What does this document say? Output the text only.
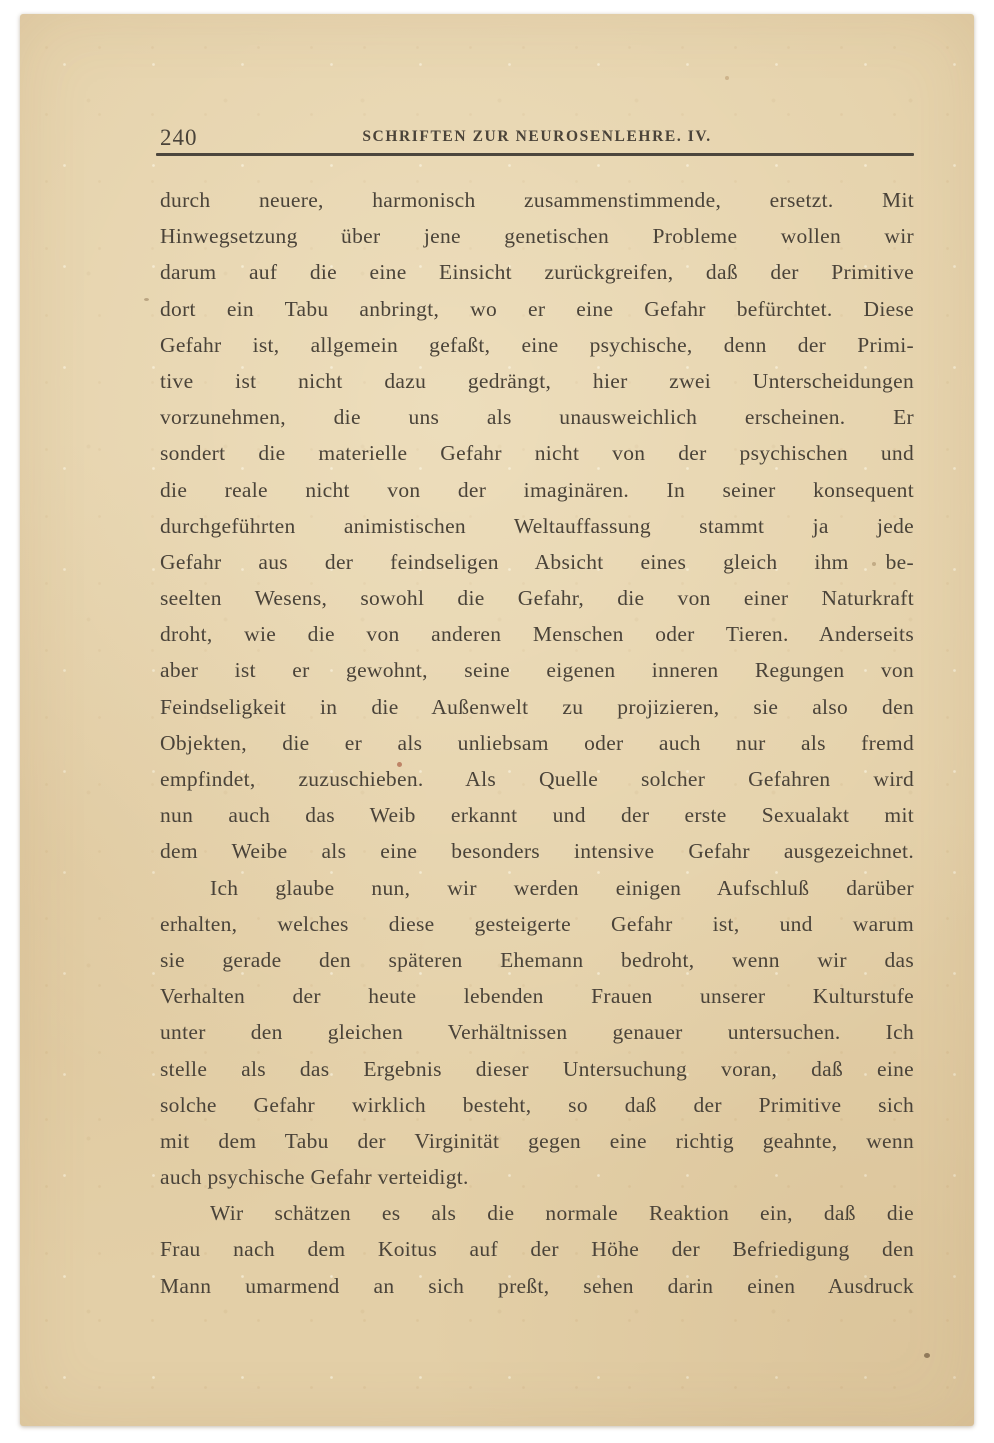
240	SCHRIFTEN ZUR NEUROSENLEHRE. IV.
durch neuere, harmonisch zusammenstimmende, ersetzt. Mit
Hinwegsetzung über jene genetischen Probleme wollen wir
darum auf die eine Einsicht zurückgreifen, daß der Primitive
dort ein Tabu anbringt, wo er eine Gefahr befürchtet. Diese
Gefahr ist, allgemein gefaßt, eine psychische, denn der Primi-
tive ist nicht dazu gedrängt, hier zwei Unterscheidungen
vorzunehmen, die uns als unausweichlich erscheinen. Er
sondert die materielle Gefahr nicht von der psychischen und
die reale nicht von der imaginären. In seiner konsequent
durchgeführten animistischen Weltauffassung stammt ja jede
Gefahr aus der feindseligen Absicht eines gleich ihm be-
seelten Wesens, sowohl die Gefahr, die von einer Naturkraft
droht, wie die von anderen Menschen oder Tieren. Anderseits
aber ist er gewohnt, seine eigenen inneren Regungen von
Feindseligkeit in die Außenwelt zu projizieren, sie also den
Objekten, die er als unliebsam oder auch nur als fremd
empfindet, zuzuschieben. Als Quelle solcher Gefahren wird
nun auch das Weib erkannt und der erste Sexualakt mit
dem Weibe als eine besonders intensive Gefahr ausgezeichnet.
Ich glaube nun, wir werden einigen Aufschluß darüber
erhalten, welches diese gesteigerte Gefahr ist, und warum
sie gerade den späteren Ehemann bedroht, wenn wir das
Verhalten der heute lebenden Frauen unserer Kulturstufe
unter den gleichen Verhältnissen genauer untersuchen. Ich
stelle als das Ergebnis dieser Untersuchung voran, daß eine
solche Gefahr wirklich besteht, so daß der Primitive sich
mit dem Tabu der Virginität gegen eine richtig geahnte, wenn
auch psychische Gefahr verteidigt.
Wir schätzen es als die normale Reaktion ein, daß die
Frau nach dem Koitus auf der Höhe der Befriedigung den
Mann umarmend an sich preßt, sehen darin einen Ausdruck
